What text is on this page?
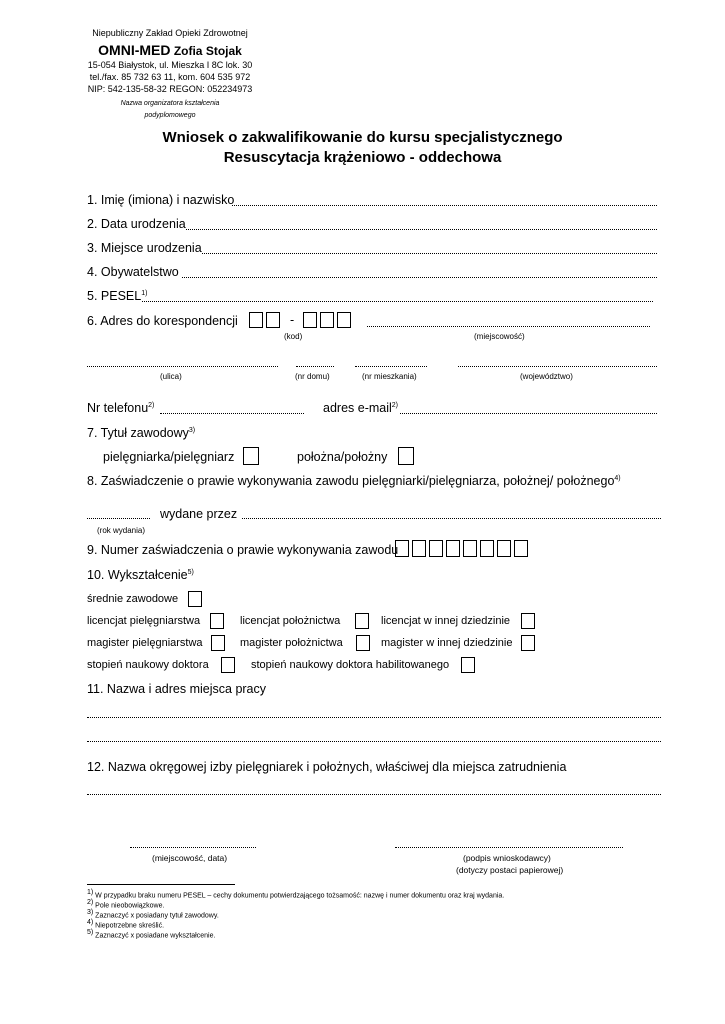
Niepubliczny Zakład Opieki Zdrowotnej
OMNI-MED Zofia Stojak
15-054 Białystok, ul. Mieszka I 8C lok. 30
tel./fax. 85 732 63 11, kom. 604 535 972
NIP: 542-135-58-32 REGON: 052234973
Nazwa organizatora kształcenia
podyplomowego
Wniosek o zakwalifikowanie do kursu specjalistycznego
Resuscytacja krążeniowo - oddechowa
1. Imię (imiona) i nazwisko
2. Data urodzenia
3. Miejsce urodzenia
4. Obywatelstwo
5. PESEL$^{1)}$
6. Adres do korespondencji	-
(kod)	(miejscowość)
(ulica)	(nr domu)	(nr mieszkania)	(województwo)
Nr telefonu$^{2)}$	adres e-mail$^{2)}$
7. Tytuł zawodowy$^{3)}$
pielęgniarka/pielęgniarz	położna/położny
8. Zaświadczenie o prawie wykonywania zawodu pielęgniarki/pielęgniarza, położnej/ położnego$^{4)}$
wydane przez
(rok wydania)
9. Numer zaświadczenia o prawie wykonywania zawodu
10. Wykształcenie$^{5)}$
średnie zawodowe
licencjat pielęgniarstwa	licencjat położnictwa	licencjat w innej dziedzinie
magister pielęgniarstwa	magister położnictwa	magister w innej dziedzinie
stopień naukowy doktora	stopień naukowy doktora habilitowanego
11. Nazwa i adres miejsca pracy
12. Nazwa okręgowej izby pielęgniarek i położnych, właściwej dla miejsca zatrudnienia
(miejscowość, data)	(podpis wnioskodawcy)
(dotyczy postaci papierowej)
$^{1)}$ W przypadku braku numeru PESEL – cechy dokumentu potwierdzającego tożsamość: nazwę i numer dokumentu oraz kraj wydania.
$^{2)}$ Pole nieobowiązkowe.
$^{3)}$ Zaznaczyć x posiadany tytuł zawodowy.
$^{4)}$ Niepotrzebne skreślić.
$^{5)}$ Zaznaczyć x posiadane wykształcenie.
